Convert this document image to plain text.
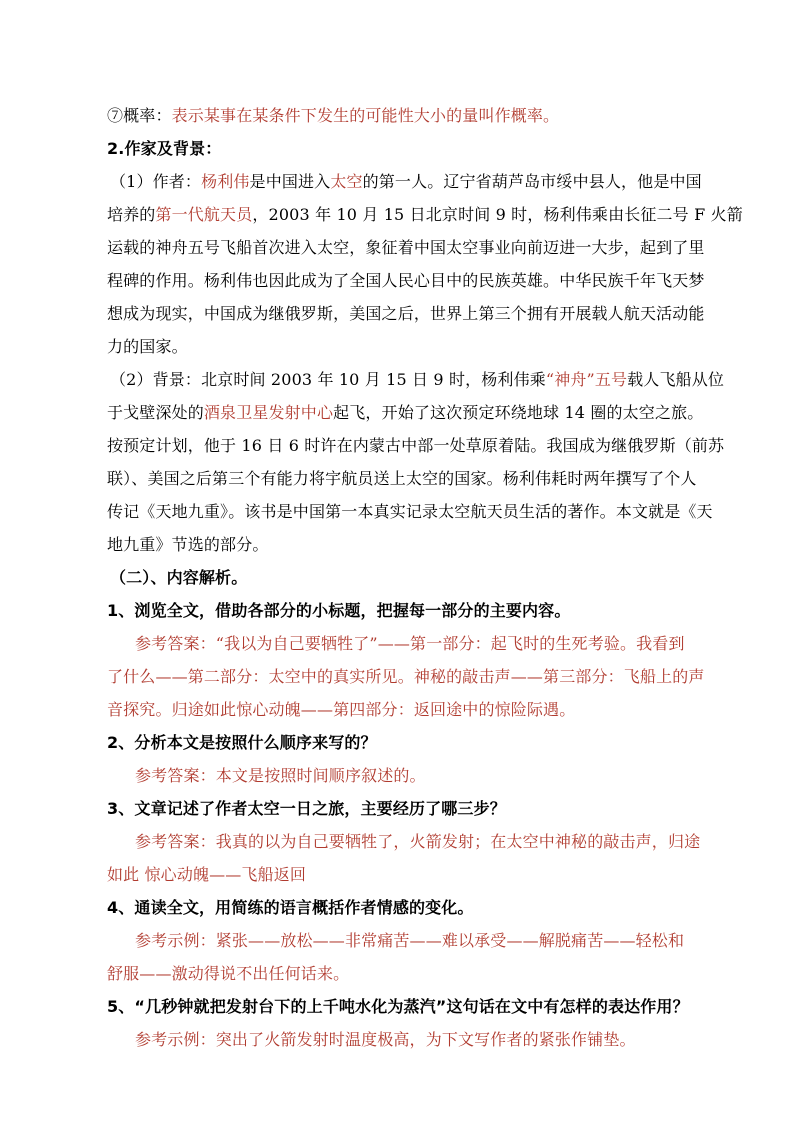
⑦概率：表示某事在某条件下发生的可能性大小的量叫作概率。
2.作家及背景：
（1）作者：杨利伟是中国进入太空的第一人。辽宁省葫芦岛市绥中县人，他是中国
培养的第一代航天员，2003 年 10 月 15 日北京时间 9 时，杨利伟乘由长征二号 F 火箭
运载的神舟五号飞船首次进入太空，象征着中国太空事业向前迈进一大步，起到了里
程碑的作用。杨利伟也因此成为了全国人民心目中的民族英雄。中华民族千年飞天梦
想成为现实，中国成为继俄罗斯，美国之后，世界上第三个拥有开展载人航天活动能
力的国家。
（2）背景：北京时间 2003 年 10 月 15 日 9 时，杨利伟乘“神舟”五号载人飞船从位
于戈壁深处的酒泉卫星发射中心起飞，开始了这次预定环绕地球 14 圈的太空之旅。
按预定计划，他于 16 日 6 时许在内蒙古中部一处草原着陆。我国成为继俄罗斯（前苏
联）、美国之后第三个有能力将宇航员送上太空的国家。杨利伟耗时两年撰写了个人
传记《天地九重》。该书是中国第一本真实记录太空航天员生活的著作。本文就是《天
地九重》节选的部分。
（二）、内容解析。
1、浏览全文，借助各部分的小标题，把握每一部分的主要内容。
参考答案：“我以为自己要牺牲了”——第一部分：起飞时的生死考验。我看到
了什么——第二部分：太空中的真实所见。神秘的敲击声——第三部分：飞船上的声
音探究。归途如此惊心动魄——第四部分：返回途中的惊险际遇。
2、分析本文是按照什么顺序来写的？
参考答案：本文是按照时间顺序叙述的。
3、文章记述了作者太空一日之旅，主要经历了哪三步？
参考答案：我真的以为自己要牺牲了，火箭发射；在太空中神秘的敲击声，归途
如此 惊心动魄——飞船返回
4、通读全文，用简练的语言概括作者情感的变化。
参考示例：紧张——放松——非常痛苦——难以承受——解脱痛苦——轻松和
舒服——激动得说不出任何话来。
5、“几秒钟就把发射台下的上千吨水化为蒸汽”这句话在文中有怎样的表达作用？
参考示例：突出了火箭发射时温度极高，为下文写作者的紧张作铺垫。
